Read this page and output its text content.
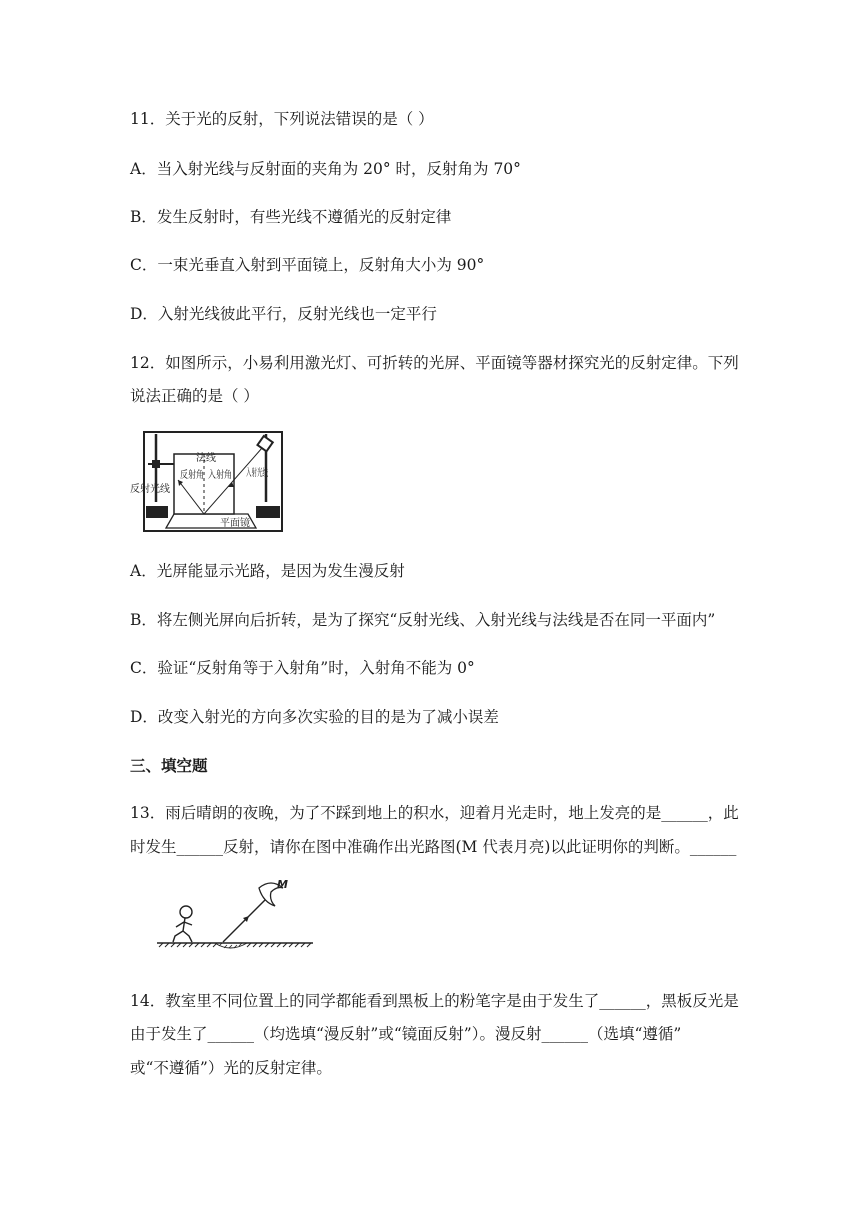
11．关于光的反射，下列说法错误的是（ ）
A．当入射光线与反射面的夹角为 20° 时，反射角为 70°
B．发生反射时，有些光线不遵循光的反射定律
C．一束光垂直入射到平面镜上，反射角大小为 90°
D．入射光线彼此平行，反射光线也一定平行
12．如图所示，小易利用激光灯、可折转的光屏、平面镜等器材探究光的反射定律。下列
说法正确的是（ ）
法线
反射角
入射角
反射光线
入射光线
平面镜
A．光屏能显示光路，是因为发生漫反射
B．将左侧光屏向后折转，是为了探究“反射光线、入射光线与法线是否在同一平面内”
C．验证“反射角等于入射角”时，入射角不能为 0°
D．改变入射光的方向多次实验的目的是为了减小误差
三、填空题
13．雨后晴朗的夜晚，为了不踩到地上的积水，迎着月光走时，地上发亮的是______，此
时发生______反射，请你在图中准确作出光路图(M 代表月亮)以此证明你的判断。______
M
14．教室里不同位置上的同学都能看到黑板上的粉笔字是由于发生了______，黑板反光是
由于发生了______（均选填“漫反射”或“镜面反射”）。漫反射______（选填“遵循”
或“不遵循”）光的反射定律。
